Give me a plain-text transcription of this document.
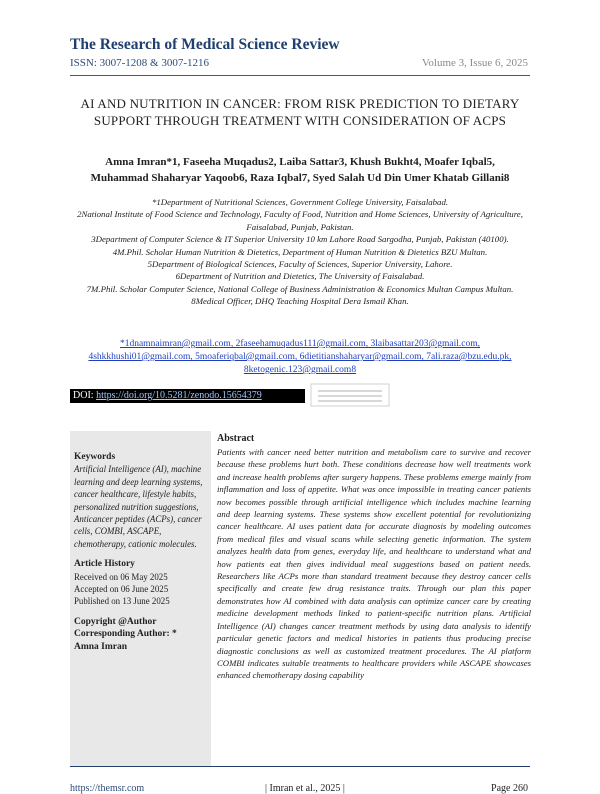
The Research of Medical Science Review
ISSN: 3007-1208 & 3007-1216	Volume 3, Issue 6, 2025
AI AND NUTRITION IN CANCER: FROM RISK PREDICTION TO DIETARY SUPPORT THROUGH TREATMENT WITH CONSIDERATION OF ACPS
Amna Imran*1, Faseeha Muqadus2, Laiba Sattar3, Khush Bukht4, Moafer Iqbal5,
Muhammad Shaharyar Yaqoob6, Raza Iqbal7, Syed Salah Ud Din Umer Khatab Gillani8
*1Department of Nutritional Sciences, Government College University, Faisalabad.
2National Institute of Food Science and Technology, Faculty of Food, Nutrition and Home Sciences, University of Agriculture, Faisalabad, Punjab, Pakistan.
3Department of Computer Science & IT Superior University 10 km Lahore Road Sargodha, Punjab, Pakistan (40100).
4M.Phil. Scholar Human Nutrition & Dietetics, Department of Human Nutrition & Dietetics BZU Multan.
5Department of Biological Sciences, Faculty of Sciences, Superior University, Lahore.
6Department of Nutrition and Dietetics, The University of Faisalabad.
7M.Phil. Scholar Computer Science, National College of Business Administration & Economics Multan Campus Multan.
8Medical Officer, DHQ Teaching Hospital Dera Ismail Khan.
*1dnamnaimran@gmail.com, 2faseehamuqadus111@gmail.com, 3laibasattar203@gmail.com,
4shkkhushi01@gmail.com, 5moaferiqbal@gmail.com, 6dietitianshaharyar@gmail.com, 7ali.raza@bzu.edu.pk,
8ketogenic.123@gmail.com8
DOI: https://doi.org/10.5281/zenodo.15654379
Keywords
Artificial Intelligence (AI), machine learning and deep learning systems, cancer healthcare, lifestyle habits, personalized nutrition suggestions, Anticancer peptides (ACPs), cancer cells, COMBI, ASCAPE, chemotherapy, cationic molecules.
Article History
Received on 06 May 2025
Accepted on 06 June 2025
Published on 13 June 2025
Copyright @Author
Corresponding Author: *
Amna Imran
Abstract
Patients with cancer need better nutrition and metabolism care to survive and recover because these problems hurt both. These conditions decrease how well treatments work and increase health problems after surgery happens. These problems emerge mainly from inflammation and loss of appetite. What was once impossible in treating cancer patients now becomes possible through artificial intelligence which includes machine learning and deep learning systems. These systems show excellent potential for revolutionizing cancer healthcare. AI uses patient data for accurate diagnosis by modeling outcomes from medical files and visual scans while selecting genetic information. The system analyzes health data from genes, everyday life, and healthcare to understand what and how patients eat then gives individual meal suggestions based on patient needs. Researchers like ACPs more than standard treatment because they destroy cancer cells specifically and create few drug resistance traits. Through our plan this paper demonstrates how AI combined with data analysis can optimize cancer care by creating medicine development methods linked to patient-specific nutrition plans. Artificial Intelligence (AI) changes cancer treatment methods by using data analysis to identify particular genetic factors and medical histories in patients thus producing precise diagnostic conclusions as well as customized treatment procedures. The AI platform COMBI indicates suitable treatments to healthcare providers while ASCAPE showcases enhanced chemotherapy dosing capability
https://themsr.com	| Imran et al., 2025 |	Page 260
